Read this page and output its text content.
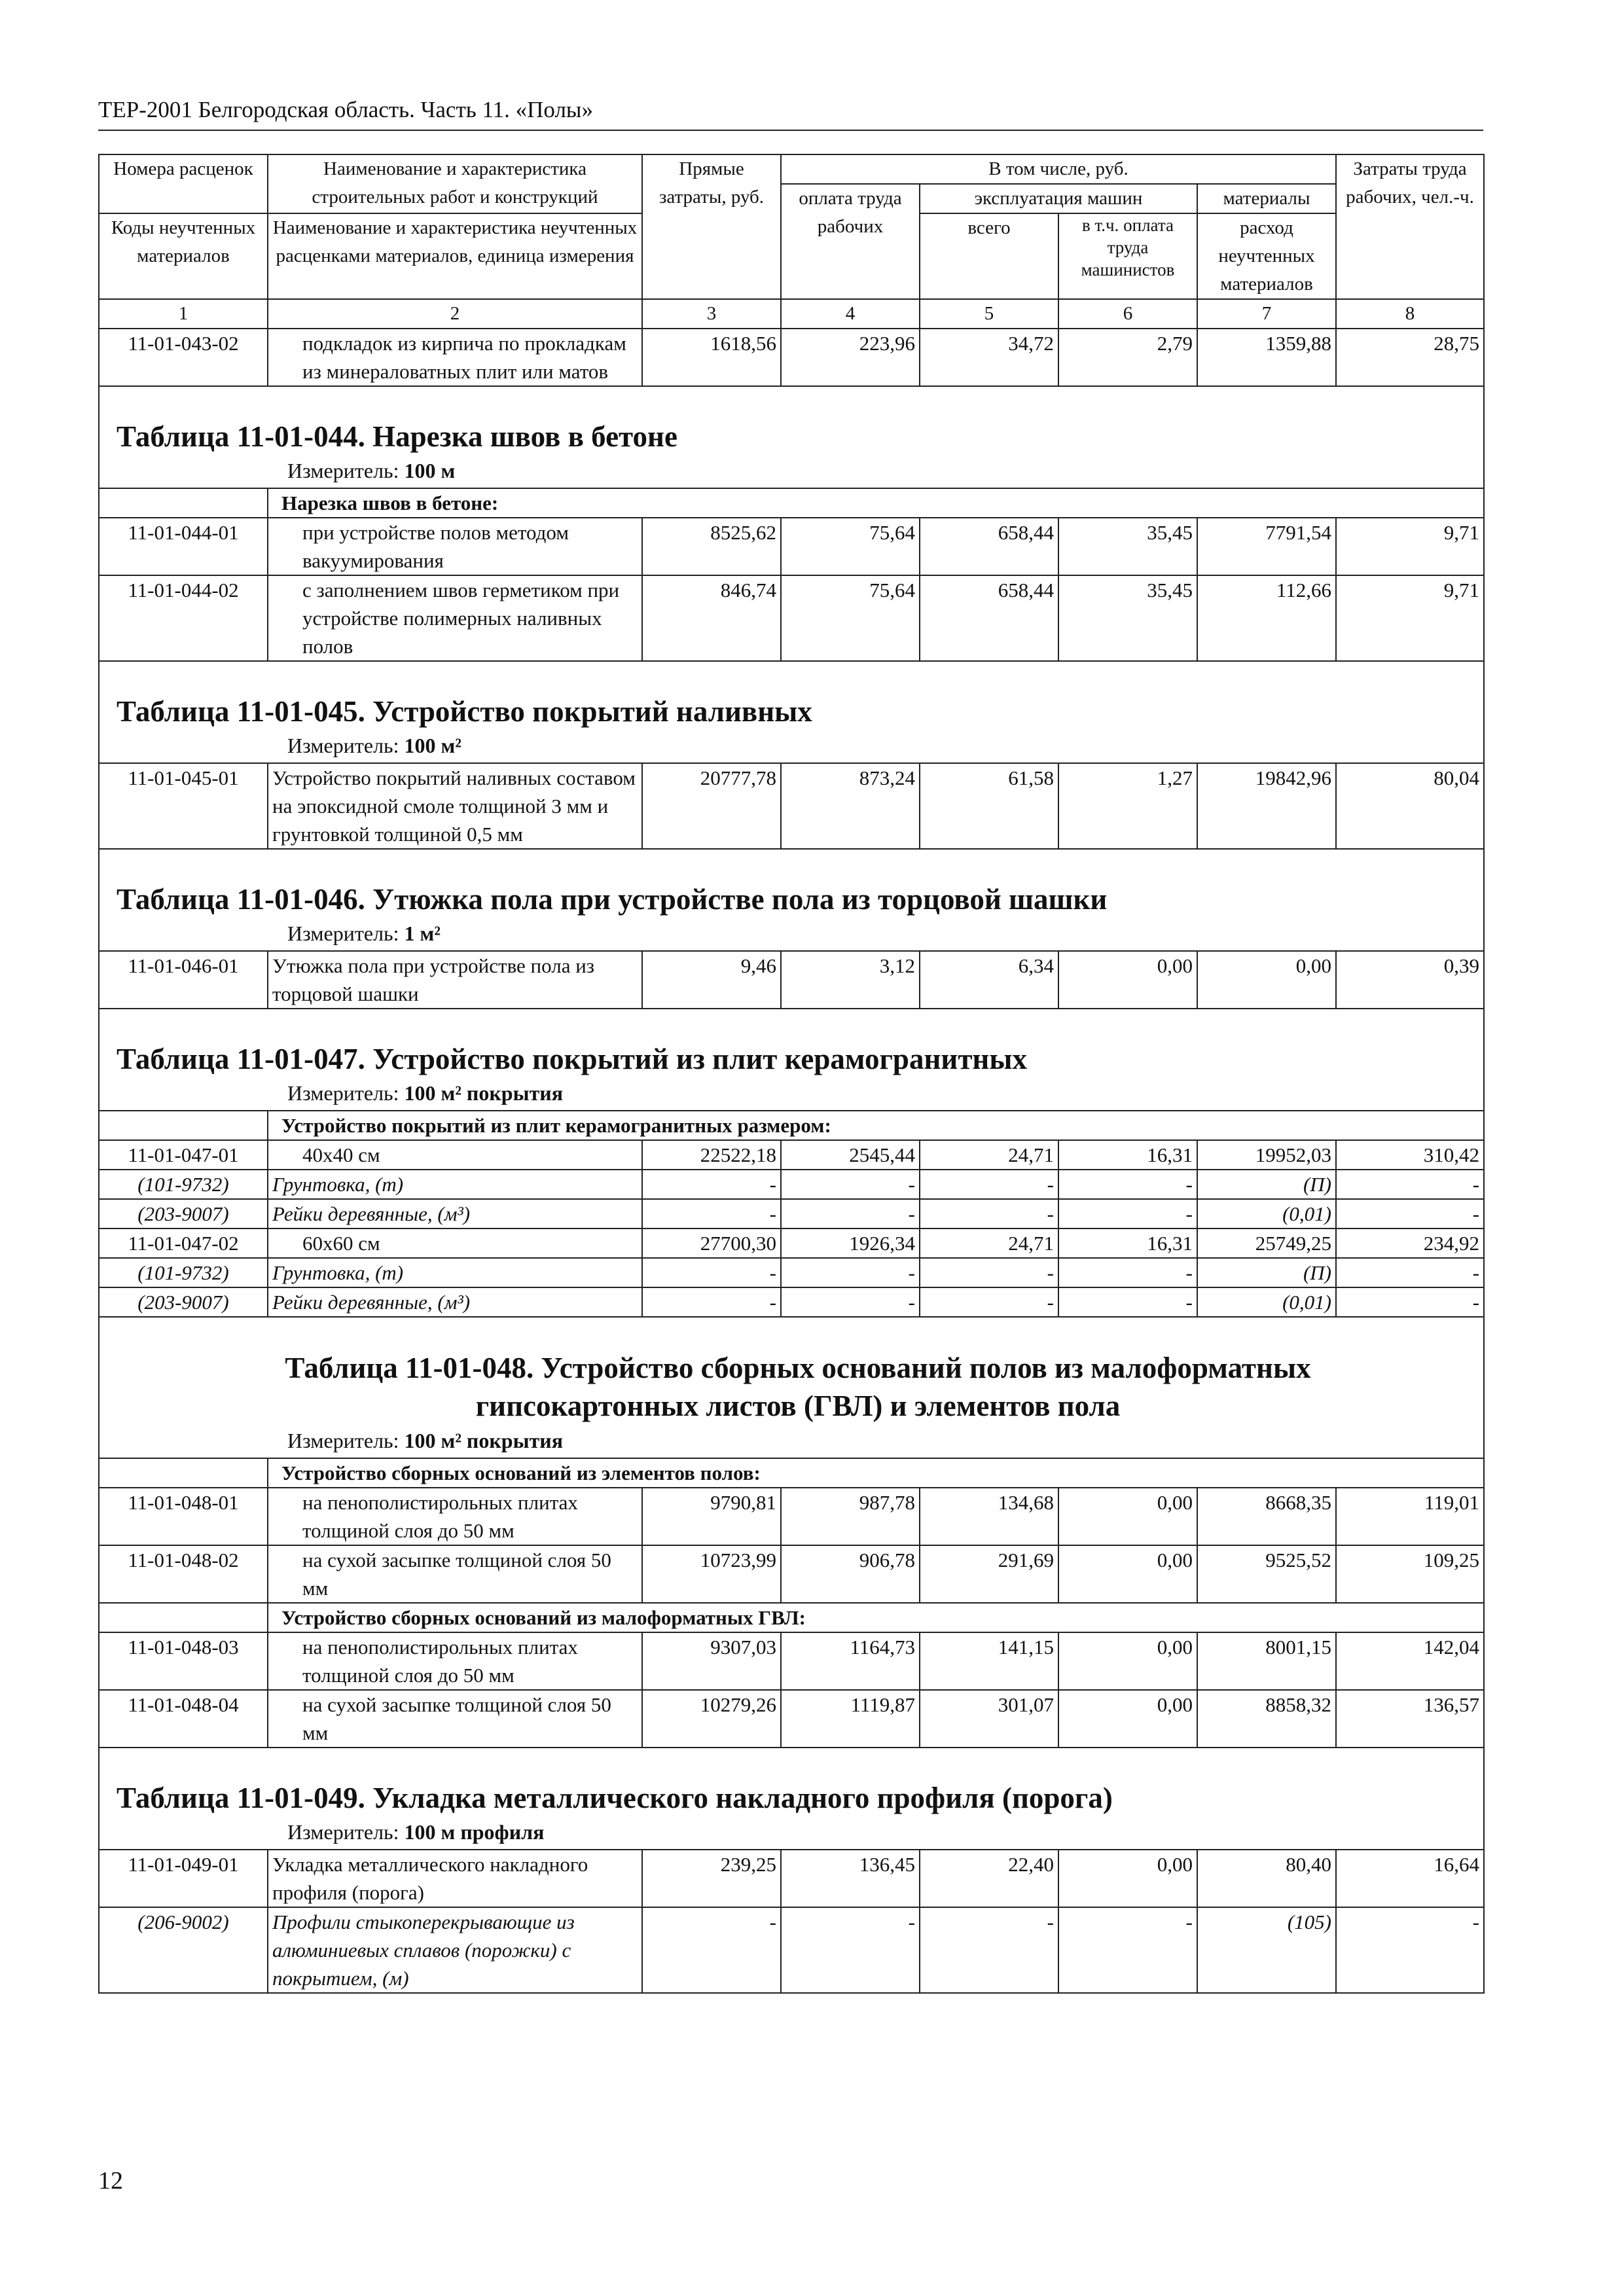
ТЕР-2001 Белгородская область. Часть 11. «Полы»
Номера расценок	Наименование и характеристика строительных работ и конструкций	Прямые затраты, руб.	В том числе, руб.				Затраты труда рабочих, чел.-ч.
			оплата труда рабочих	эксплуатация машин		материалы	
Коды неучтенных материалов	Наименование и характеристика неучтенных расценками материалов, единица измерения			всего	в т.ч. оплата труда машинистов	расход неучтенных материалов	

1	2	3	4	5	6	7	8
11-01-043-02	подкладок из кирпича по прокладкам из минераловатных плит или матов	1618,56	223,96	34,72	2,79	1359,88	28,75

Таблица 11-01-044. Нарезка швов в бетоне
Измеритель: 100 м							

	Нарезка швов в бетоне:						
11-01-044-01	при устройстве полов методом вакуумирования	8525,62	75,64	658,44	35,45	7791,54	9,71
11-01-044-02	с заполнением швов герметиком при устройстве полимерных наливных полов	846,74	75,64	658,44	35,45	112,66	9,71

Таблица 11-01-045. Устройство покрытий наливных
Измеритель: 100 м²							

11-01-045-01	Устройство покрытий наливных составом на эпоксидной смоле толщиной 3 мм и грунтовкой толщиной 0,5 мм	20777,78	873,24	61,58	1,27	19842,96	80,04

Таблица 11-01-046. Утюжка пола при устройстве пола из торцовой шашки
Измеритель: 1 м²							

11-01-046-01	Утюжка пола при устройстве пола из торцовой шашки	9,46	3,12	6,34	0,00	0,00	0,39

Таблица 11-01-047. Устройство покрытий из плит керамогранитных
Измеритель: 100 м² покрытия							

	Устройство покрытий из плит керамогранитных размером:						
11-01-047-01	40х40 см	22522,18	2545,44	24,71	16,31	19952,03	310,42
(101-9732)	Грунтовка, (т)	-	-	-	-	(П)	-
(203-9007)	Рейки деревянные, (м³)	-	-	-	-	(0,01)	-
11-01-047-02	60х60 см	27700,30	1926,34	24,71	16,31	25749,25	234,92
(101-9732)	Грунтовка, (т)	-	-	-	-	(П)	-
(203-9007)	Рейки деревянные, (м³)	-	-	-	-	(0,01)	-

Таблица 11-01-048. Устройство сборных оснований полов из малоформатных
гипсокартонных листов (ГВЛ) и элементов пола
Измеритель: 100 м² покрытия							

	Устройство сборных оснований из элементов полов:						
11-01-048-01	на пенополистирольных плитах толщиной слоя до 50 мм	9790,81	987,78	134,68	0,00	8668,35	119,01
11-01-048-02	на сухой засыпке толщиной слоя 50 мм	10723,99	906,78	291,69	0,00	9525,52	109,25
	Устройство сборных оснований из малоформатных ГВЛ:						
11-01-048-03	на пенополистирольных плитах толщиной слоя до 50 мм	9307,03	1164,73	141,15	0,00	8001,15	142,04
11-01-048-04	на сухой засыпке толщиной слоя 50 мм	10279,26	1119,87	301,07	0,00	8858,32	136,57

Таблица 11-01-049. Укладка металлического накладного профиля (порога)
Измеритель: 100 м профиля							

11-01-049-01	Укладка металлического накладного профиля (порога)	239,25	136,45	22,40	0,00	80,40	16,64
(206-9002)	Профили стыкоперекрывающие из алюминиевых сплавов (порожки) с покрытием, (м)	-	-	-	-	(105)	-
12
